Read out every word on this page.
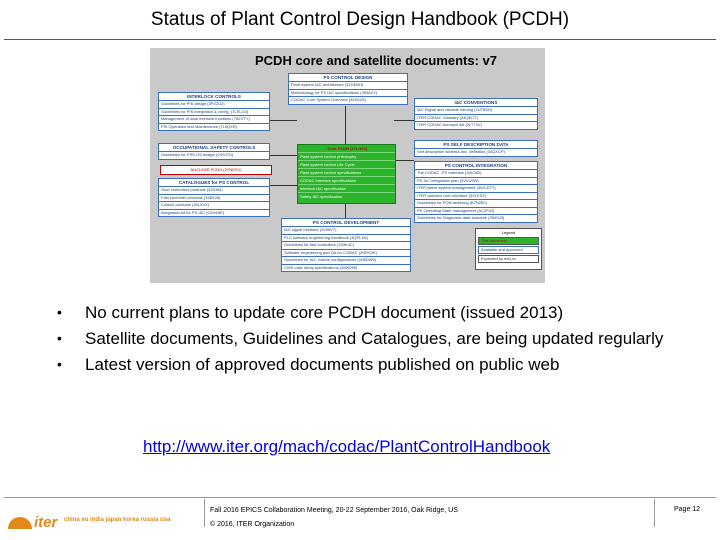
Status of Plant Control Design Handbook (PCDH)
PCDH core and satellite documents: v7
PS CONTROL DESIGN
Plant system I&C architecture (32GEBH)
Methodology for PS I&C specifications (353AZY)
CODAC Core System Overview (34SDZ5)
INTERLOCK CONTROLS
Guidelines for PIS design (3PZ2D2)
Guidelines for PIS integration & config. (7LELG4)
Management of local interlock functions (75ZVTY)
PIS Operation and Maintenance (7L9QXR)
I&C CONVENTIONS
I&C Signal and variable naming (2UT8SH)
ITER CODAC Glossary (34QECT)
ITER CODAC Acronym list (2LT73V)
OCCUPATIONAL SAFETY CONTROLS
Guidelines for PSS-OS design (C99J7G)
NUCLEAR PCDH (2YNEFU)
CATALOGUES for PS CONTROL
Slow controllers products (333J63)
Fast controller products (345X28)
Cubicle products (35LXVZ)
Integration kit for PS I&C (C8X9AE)
Core PCDH (27LH2V)
Plant system control philosophy
Plant system control Life Cycle
Plant system control specifications
CODAC interface specifications
Interlock I&C specification
Safety I&C specification
PS SELF DESCRIPTION DATA
Self description schema doc. definition (34QXCP)
PS CONTROL INTEGRATION
The CODAC -PS Interface (34V362)
PS I&C integration plan (3VVU9W)
ITER alarm system management (3WCD7T)
ITER operator user interface (3XLESZ)
Guidelines for PON archiving (B7N2B7)
PS Operating State management (AC2P4J)
Guidelines for Diagnostic data structure (354SJ3)
PS CONTROL DEVELOPMENT
I&C signal interface (3299VT)
PLC software engineering handbook (3QPL4H)
Guidelines for fast controllers (333K4C)
Software engineering and QA for CODAC (2NRS2K)
Guidelines for I&C cubicle configurations (4H5DW6)
CWS case study specifications (35W299)
Legend
This document
Available and approved
Expected by mid-xx
• No current plans to update core PCDH document (issued 2013)
• Satellite documents, Guidelines and Catalogues, are being updated regularly
• Latest version of approved documents published on public web
http://www.iter.org/mach/codac/PlantControlHandbook
iter china eu india japan korea russia usa
Fall 2016 EPICS Collaboration Meeting, 20-22 September 2016, Oak Ridge, US
© 2016, ITER Organization
Page 12
